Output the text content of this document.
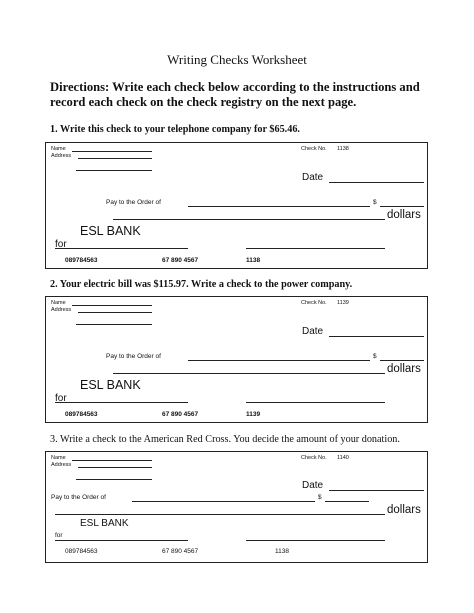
Writing Checks Worksheet
Directions: Write each check below according to the instructions and
record each check on the check registry on the next page.
1. Write this check to your telephone company for $65.46.
Name
Address
Check No. 1138
Date
Pay to the Order of	$
dollars
ESL BANK
for
089784563	67 890 4567	1138
2. Your electric bill was $115.97. Write a check to the power company.
Name
Address
Check No. 1139
Date
Pay to the Order of	$
dollars
ESL BANK
for
089784563	67 890 4567	1139
3. Write a check to the American Red Cross. You decide the amount of your donation.
Name
Address
Check No. 1140
Date
Pay to the Order of	$
dollars
ESL BANK
for
089784563	67 890 4567	1138
